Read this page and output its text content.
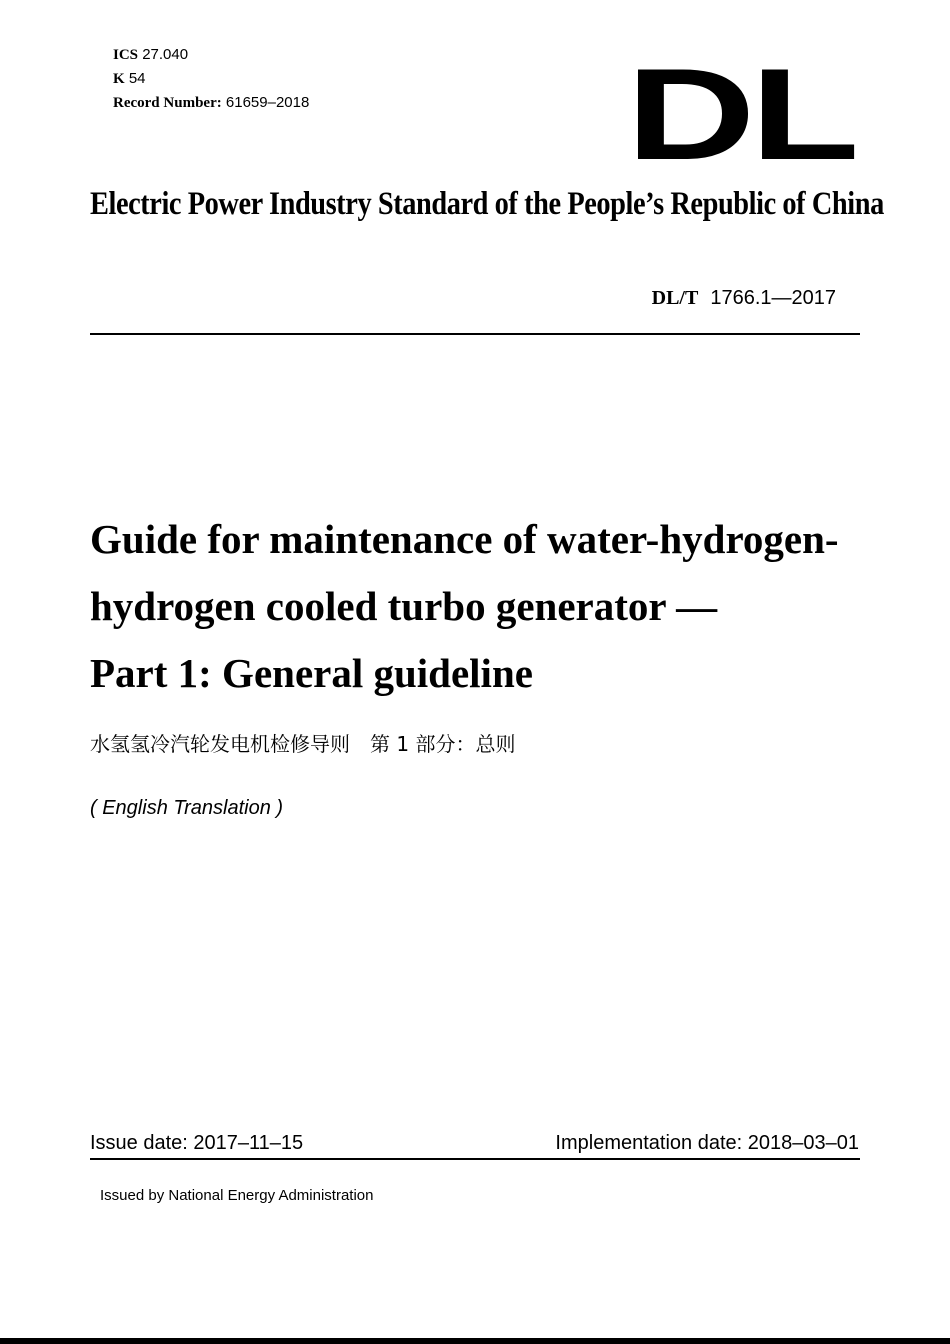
ICS 27.040
K 54
Record Number: 61659–2018 DL
Electric Power Industry Standard of the People’s Republic of China
DL/T 1766.1—2017
Guide for maintenance of water-hydrogen-
hydrogen cooled turbo generator —
Part 1: General guideline
水氢氢冷汽轮发电机检修导则　第 1 部分：总则
( English Translation )
Issue date: 2017–11–15	Implementation date: 2018–03–01
Issued by National Energy Administration
